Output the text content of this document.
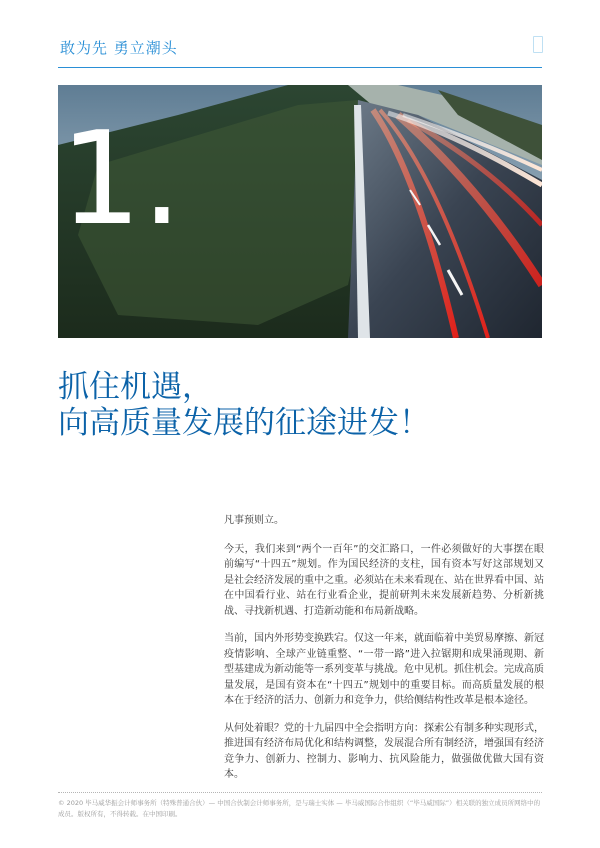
敢为先 勇立潮头
1.
抓住机遇，
向高质量发展的征途进发！

凡事预则立。

今天，我们来到“两个一百年”的交汇路口，一件必须做好的大事摆在眼前编写“十四五”规划。作为国民经济的支柱，国有资本写好这部规划又是社会经济发展的重中之重。必须站在未来看现在、站在世界看中国、站在中国看行业、站在行业看企业，提前研判未来发展新趋势、分析新挑战、寻找新机遇、打造新动能和布局新战略。

当前，国内外形势变换跌宕。仅这一年来，就面临着中美贸易摩擦、新冠疫情影响、全球产业链重整、“一带一路”进入拉锯期和成果涌现期、新型基建成为新动能等一系列变革与挑战。危中见机。抓住机会。完成高质量发展，是国有资本在“十四五”规划中的重要目标。而高质量发展的根本在于经济的活力、创新力和竞争力，供给侧结构性改革是根本途径。

从何处着眼？党的十九届四中全会指明方向：探索公有制多种实现形式，推进国有经济布局优化和结构调整，发展混合所有制经济，增强国有经济竞争力、创新力、控制力、影响力、抗风险能力，做强做优做大国有资本。

© 2020 毕马威华振会计师事务所（特殊普通合伙）— 中国合伙制会计师事务所，是与瑞士实体 — 毕马威国际合作组织（“毕马威国际”）相关联的独立成员所网络中的成员。版权所有，不得转载。在中国印刷。
